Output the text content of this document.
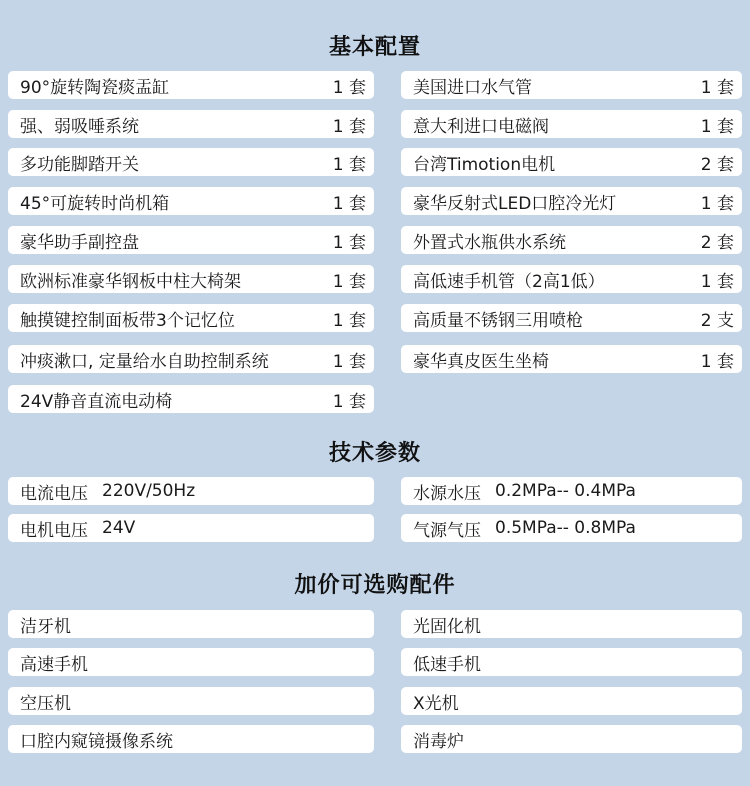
基本配置
90°旋转陶瓷痰盂缸	1 套
强、弱吸唾系统	1 套
多功能脚踏开关	1 套
45°可旋转时尚机箱	1 套
豪华助手副控盘	1 套
欧洲标准豪华钢板中柱大椅架	1 套
触摸键控制面板带3个记忆位	1 套
冲痰漱口, 定量给水自助控制系统	1 套
24V静音直流电动椅	1 套
美国进口水气管	1 套
意大利进口电磁阀	1 套
台湾Timotion电机	2 套
豪华反射式LED口腔冷光灯	1 套
外置式水瓶供水系统	2 套
高低速手机管（2高1低）	1 套
高质量不锈钢三用喷枪	2 支
豪华真皮医生坐椅	1 套
技术参数
电流电压 220V/50Hz
电机电压 24V
水源水压 0.2MPa-- 0.4MPa
气源气压 0.5MPa-- 0.8MPa
加价可选购配件
洁牙机
高速手机
空压机
口腔内窥镜摄像系统
光固化机
低速手机
X光机
消毒炉
